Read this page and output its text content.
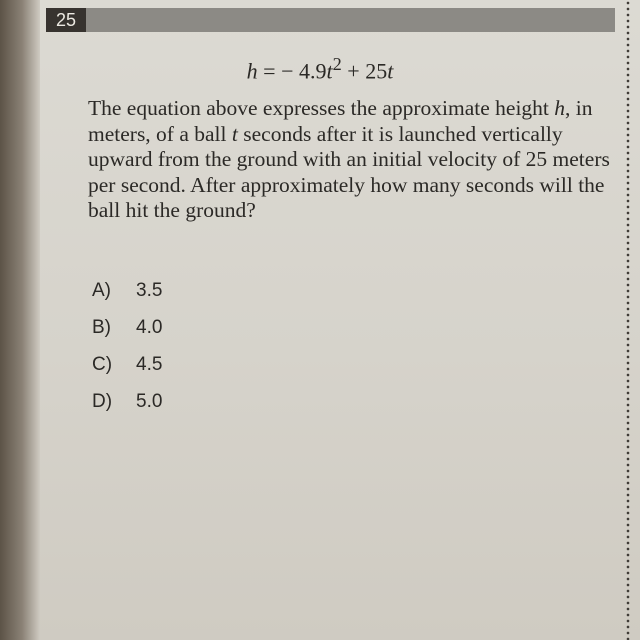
25
h = − $4.9t^2 + 25t$

The equation above expresses the approximate height h, in meters, of a ball t seconds after it is launched vertically upward from the ground with an initial velocity of 25 meters per second. After approximately how many seconds will the ball hit the ground?

A) 3.5
B) 4.0
C) 4.5
D) 5.0
